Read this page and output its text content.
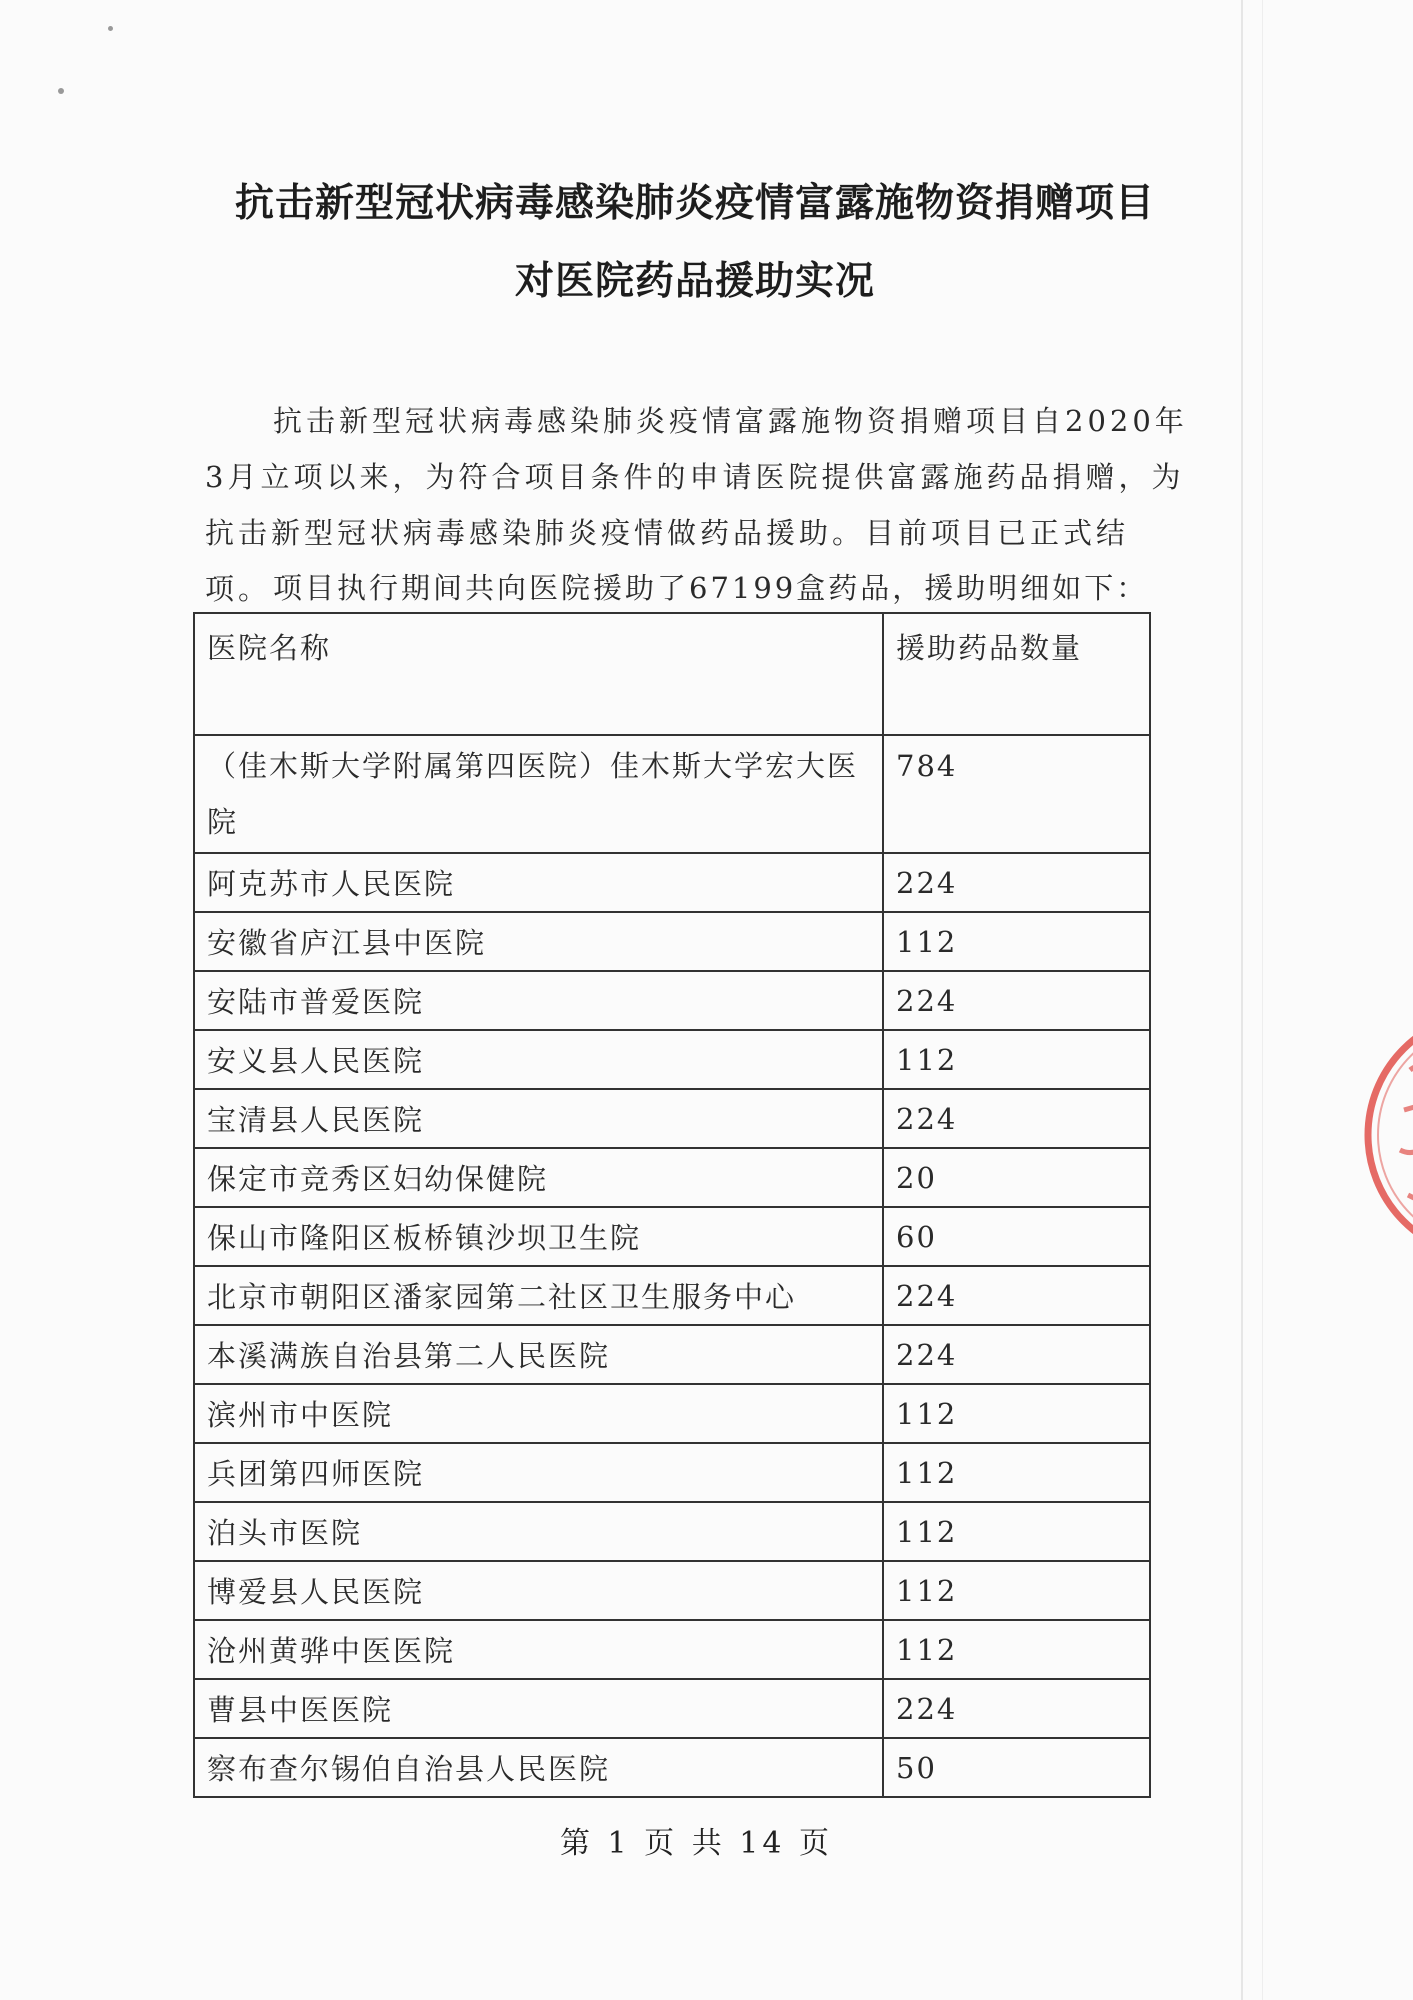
抗击新型冠状病毒感染肺炎疫情富露施物资捐赠项目
对医院药品援助实况

抗击新型冠状病毒感染肺炎疫情富露施物资捐赠项目自2020年3月立项以来，为符合项目条件的申请医院提供富露施药品捐赠，为抗击新型冠状病毒感染肺炎疫情做药品援助。目前项目已正式结项。 项目执行期间共向医院援助了67199盒药品，援助明细如下：
医院名称	援助药品数量
（佳木斯大学附属第四医院）佳木斯大学宏大医院	784
阿克苏市人民医院	224
安徽省庐江县中医院	112
安陆市普爱医院	224
安义县人民医院	112
宝清县人民医院	224
保定市竞秀区妇幼保健院	20
保山市隆阳区板桥镇沙坝卫生院	60
北京市朝阳区潘家园第二社区卫生服务中心	224
本溪满族自治县第二人民医院	224
滨州市中医院	112
兵团第四师医院	112
泊头市医院	112
博爱县人民医院	112
沧州黄骅中医医院	112
曹县中医医院	224
察布查尔锡伯自治县人民医院	50
第 1 页 共 14 页
